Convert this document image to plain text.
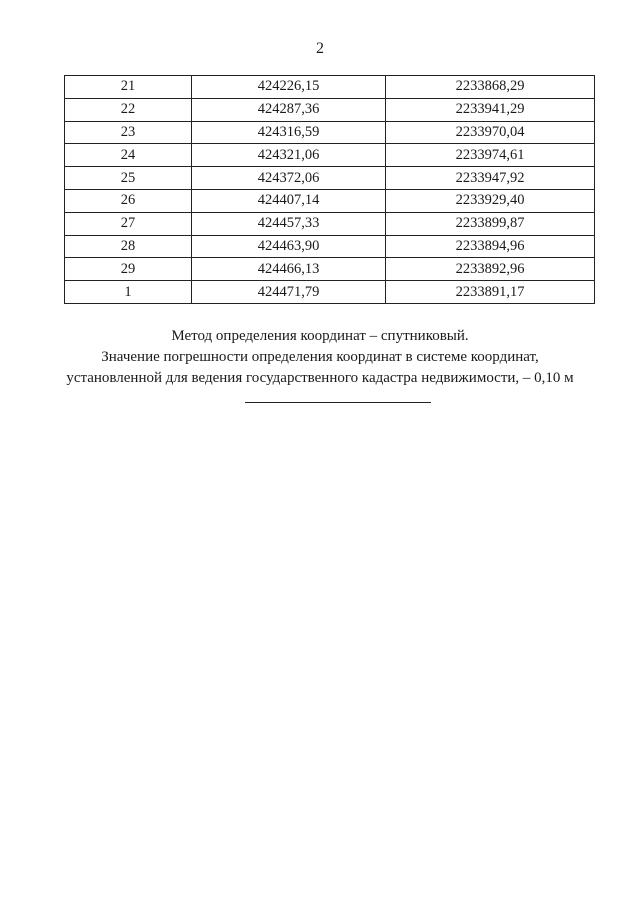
2
21	424226,15	2233868,29
22	424287,36	2233941,29
23	424316,59	2233970,04
24	424321,06	2233974,61
25	424372,06	2233947,92
26	424407,14	2233929,40
27	424457,33	2233899,87
28	424463,90	2233894,96
29	424466,13	2233892,96
1	424471,79	2233891,17

Метод определения координат – спутниковый.

Значение погрешности определения координат в системе координат,

установленной для ведения государственного кадастра недвижимости, – 0,10 м
